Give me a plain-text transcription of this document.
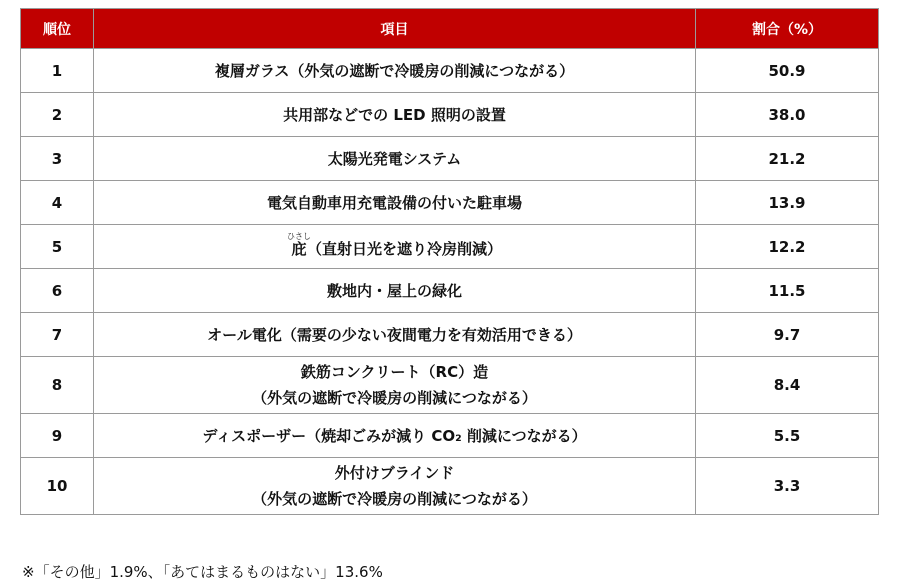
順位	項目	割合（%）
1	複層ガラス（外気の遮断で冷暖房の削減につながる）	50.9
2	共用部などでの LED 照明の設置	38.0
3	太陽光発電システム	21.2
4	電気自動車用充電設備の付いた駐車場	13.9
5	庇ひさし（直射日光を遮り冷房削減）	12.2
6	敷地内・屋上の緑化	11.5
7	オール電化（需要の少ない夜間電力を有効活用できる）	9.7
8	鉄筋コンクリート（RC）造
（外気の遮断で冷暖房の削減につながる）	8.4
9	ディスポーザー（焼却ごみが減り CO₂ 削減につながる）	5.5
10	外付けブラインド
（外気の遮断で冷暖房の削減につながる）	3.3
※「その他」1.9%、「あてはまるものはない」13.6%
